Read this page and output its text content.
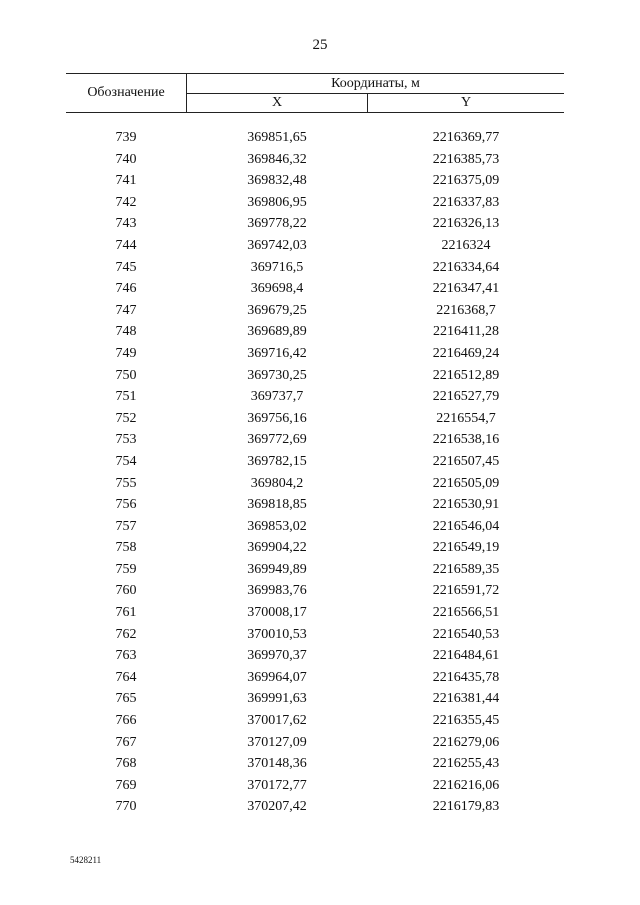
25
Обозначение
Координаты, м
X	Y
739	369851,65	2216369,77
740	369846,32	2216385,73
741	369832,48	2216375,09
742	369806,95	2216337,83
743	369778,22	2216326,13
744	369742,03	2216324
745	369716,5	2216334,64
746	369698,4	2216347,41
747	369679,25	2216368,7
748	369689,89	2216411,28
749	369716,42	2216469,24
750	369730,25	2216512,89
751	369737,7	2216527,79
752	369756,16	2216554,7
753	369772,69	2216538,16
754	369782,15	2216507,45
755	369804,2	2216505,09
756	369818,85	2216530,91
757	369853,02	2216546,04
758	369904,22	2216549,19
759	369949,89	2216589,35
760	369983,76	2216591,72
761	370008,17	2216566,51
762	370010,53	2216540,53
763	369970,37	2216484,61
764	369964,07	2216435,78
765	369991,63	2216381,44
766	370017,62	2216355,45
767	370127,09	2216279,06
768	370148,36	2216255,43
769	370172,77	2216216,06
770	370207,42	2216179,83
5428211
